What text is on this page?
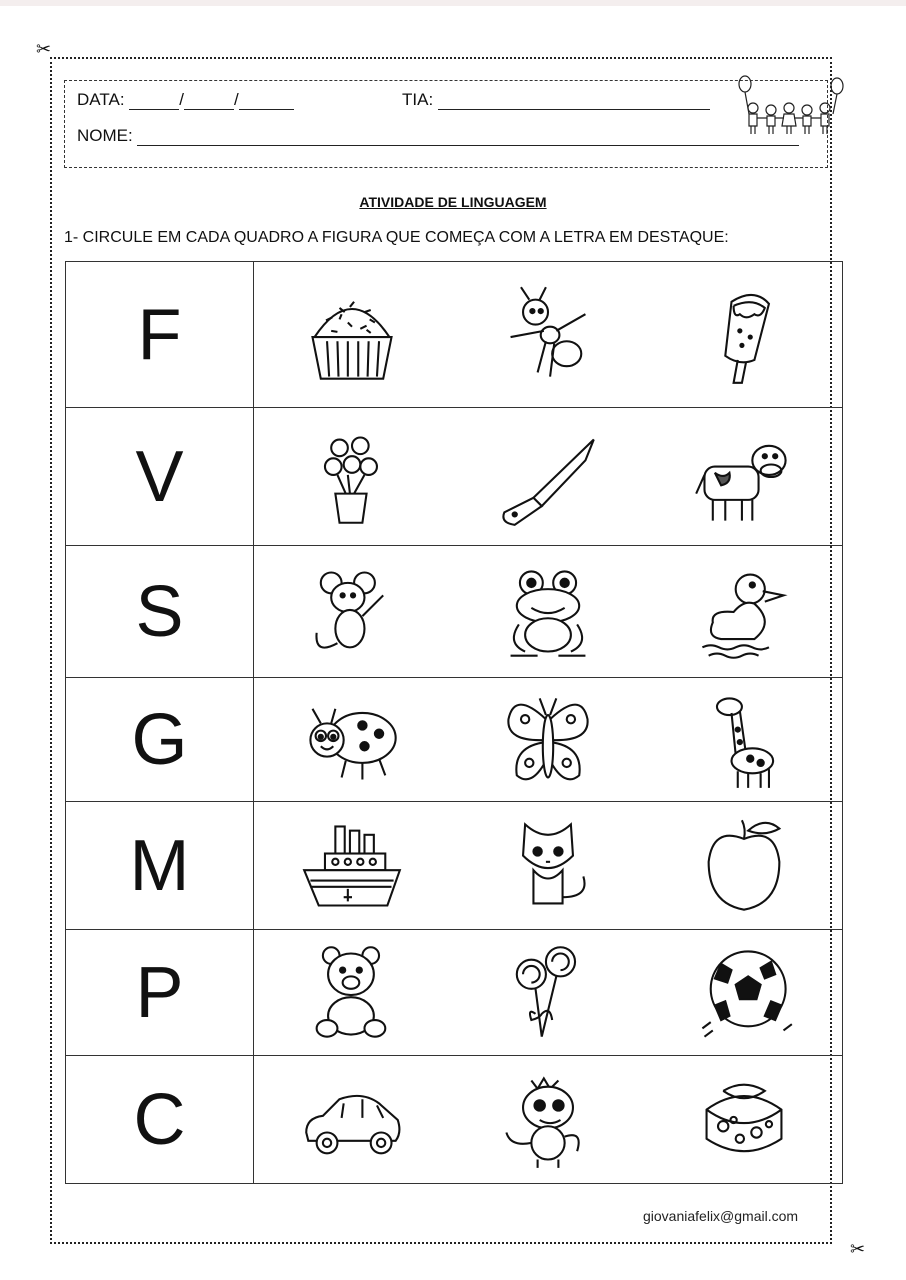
✂
✂
DATA:	/	/	TIA:
NOME:
ATIVIDADE DE LINGUAGEM
1- CIRCULE EM CADA QUADRO A FIGURA QUE COMEÇA COM A LETRA EM DESTAQUE:
F	

V	

S	

G	

M	

P	

C	
giovaniafelix@gmail.com
